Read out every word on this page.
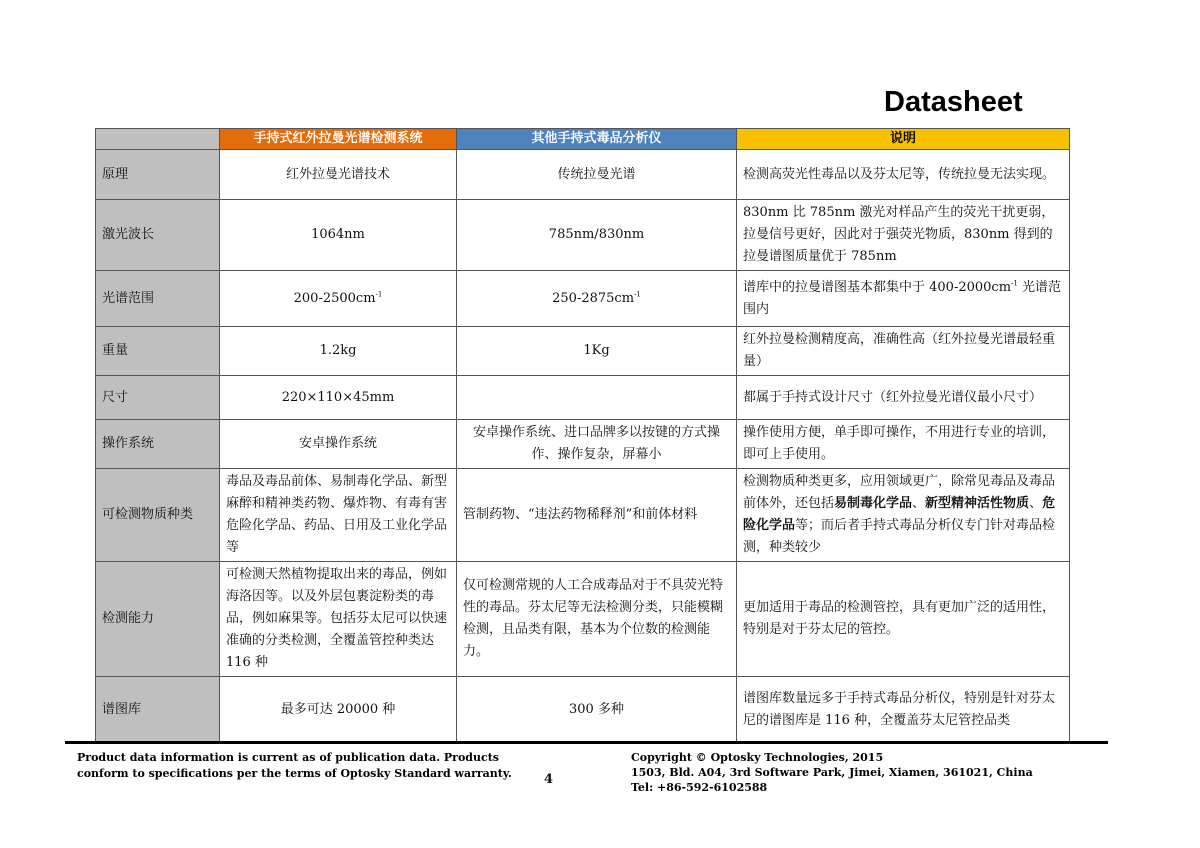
Datasheet
	手持式红外拉曼光谱检测系统	其他手持式毒品分析仪	说明
原理	红外拉曼光谱技术	传统拉曼光谱	检测高荧光性毒品以及芬太尼等，传统拉曼无法实现。
激光波长	1064nm	785nm/830nm	830nm 比 785nm 激光对样品产生的荧光干扰更弱，拉曼信号更好，因此对于强荧光物质，830nm 得到的拉曼谱图质量优于 785nm
光谱范围	$200-2500cm^{-1}$	$250-2875cm^{-1}$	谱库中的拉曼谱图基本都集中于 $400-2000cm^{-1}$ 光谱范围内
重量	1.2kg	1Kg	红外拉曼检测精度高，准确性高（红外拉曼光谱最轻重量）
尺寸	220×110×45mm		都属于手持式设计尺寸（红外拉曼光谱仪最小尺寸）
操作系统	安卓操作系统	安卓操作系统、进口品牌多以按键的方式操作、操作复杂，屏幕小	操作使用方便，单手即可操作，不用进行专业的培训，即可上手使用。
可检测物质种类	毒品及毒品前体、易制毒化学品、新型麻醉和精神类药物、爆炸物、有毒有害危险化学品、药品、日用及工业化学品等	管制药物、“违法药物稀释剂”和前体材料	检测物质种类更多，应用领域更广，除常见毒品及毒品前体外，还包括易制毒化学品、新型精神活性物质、危险化学品等；而后者手持式毒品分析仪专门针对毒品检测，种类较少
检测能力	可检测天然植物提取出来的毒品，例如海洛因等。以及外层包裹淀粉类的毒品，例如麻果等。包括芬太尼可以快速准确的分类检测，全覆盖管控种类达 116 种	仅可检测常规的人工合成毒品对于不具荧光特性的毒品。芬太尼等无法检测分类，只能模糊检测，且品类有限，基本为个位数的检测能力。	更加适用于毒品的检测管控，具有更加广泛的适用性，特别是对于芬太尼的管控。
谱图库	最多可达 20000 种	300 多种	谱图库数量远多于手持式毒品分析仪，特别是针对芬太尼的谱图库是 116 种，全覆盖芬太尼管控品类
Product data information is current as of publication data. Products
conform to specifications per the terms of Optosky Standard warranty.	4
Copyright © Optosky Technologies, 2015
1503, Bld. A04, 3rd Software Park, Jimei, Xiamen, 361021, China
Tel: +86-592-6102588
